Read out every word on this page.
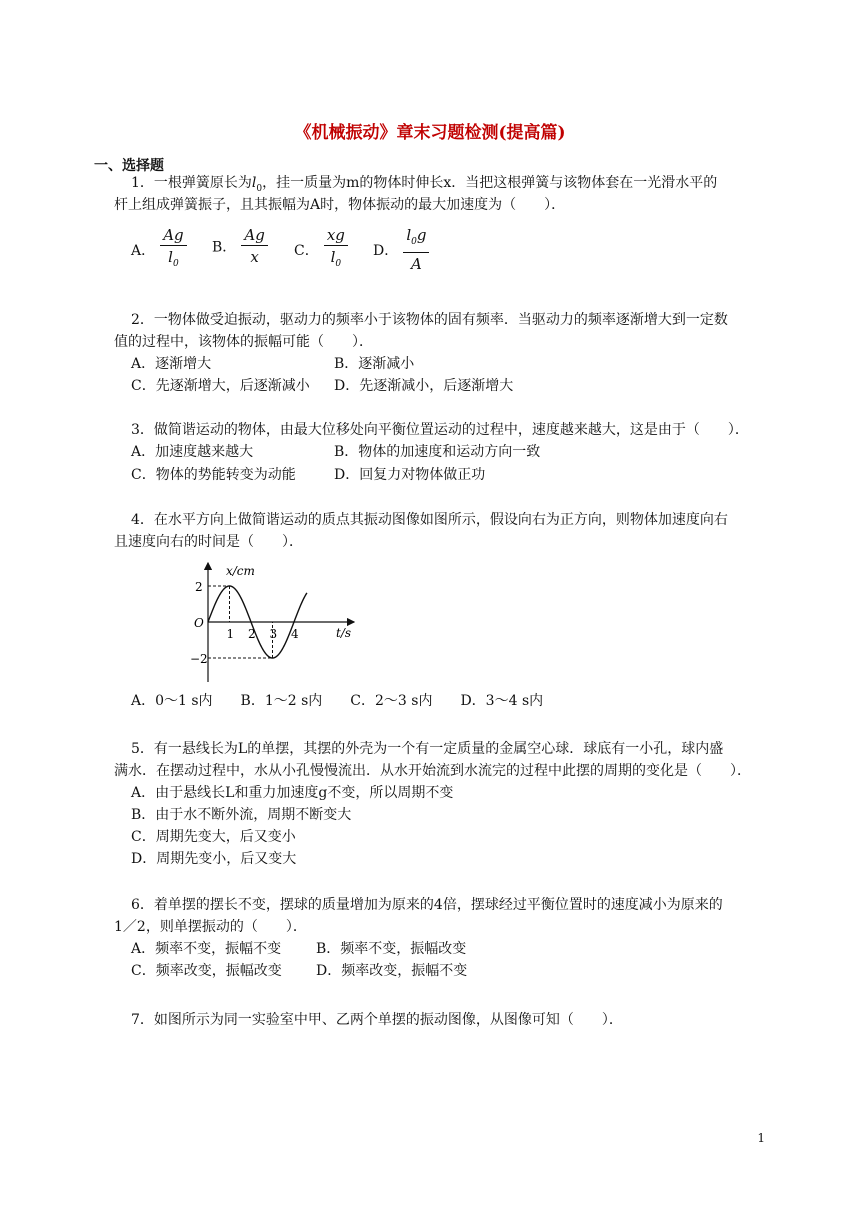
《机械振动》章末习题检测(提高篇)
一、选择题
1．一根弹簧原长为$l_0$，挂一质量为m的物体时伸长x．当把这根弹簧与该物体套在一光滑水平的
杆上组成弹簧振子，且其振幅为A时，物体振动的最大加速度为（　　）．
A． $\frac{Ag}{l_0}$ B． $\frac{Ag}{x}$ C． $\frac{xg}{l_0}$ D． $\frac{l_0g}{A}$
2．一物体做受迫振动，驱动力的频率小于该物体的固有频率．当驱动力的频率逐渐增大到一定数
值的过程中，该物体的振幅可能（　　）．
A．逐渐增大	B．逐渐减小
C．先逐渐增大，后逐渐减小 D．先逐渐减小，后逐渐增大
3．做简谐运动的物体，由最大位移处向平衡位置运动的过程中，速度越来越大，这是由于（　　）．
A．加速度越来越大	B．物体的加速度和运动方向一致
C．物体的势能转变为动能	D．回复力对物体做正功
4．在水平方向上做简谐运动的质点其振动图像如图所示，假设向右为正方向，则物体加速度向右
且速度向右的时间是（　　）．
x/cm
t/s
O
1 2 3 4
2
−2
A．0～1 s内　　B．1～2 s内　　C．2～3 s内　　D．3～4 s内
5．有一悬线长为L的单摆，其摆的外壳为一个有一定质量的金属空心球．球底有一小孔，球内盛
满水．在摆动过程中，水从小孔慢慢流出．从水开始流到水流完的过程中此摆的周期的变化是（　　）．
A．由于悬线长L和重力加速度g不变，所以周期不变
B．由于水不断外流，周期不断变大
C．周期先变大，后又变小
D．周期先变小，后又变大
6．着单摆的摆长不变，摆球的质量增加为原来的4倍，摆球经过平衡位置时的速度减小为原来的
1／2，则单摆振动的（　　）．
A．频率不变，振幅不变 B．频率不变，振幅改变
C．频率改变，振幅改变 D．频率改变，振幅不变
7．如图所示为同一实验室中甲、乙两个单摆的振动图像，从图像可知（　　）．
1
